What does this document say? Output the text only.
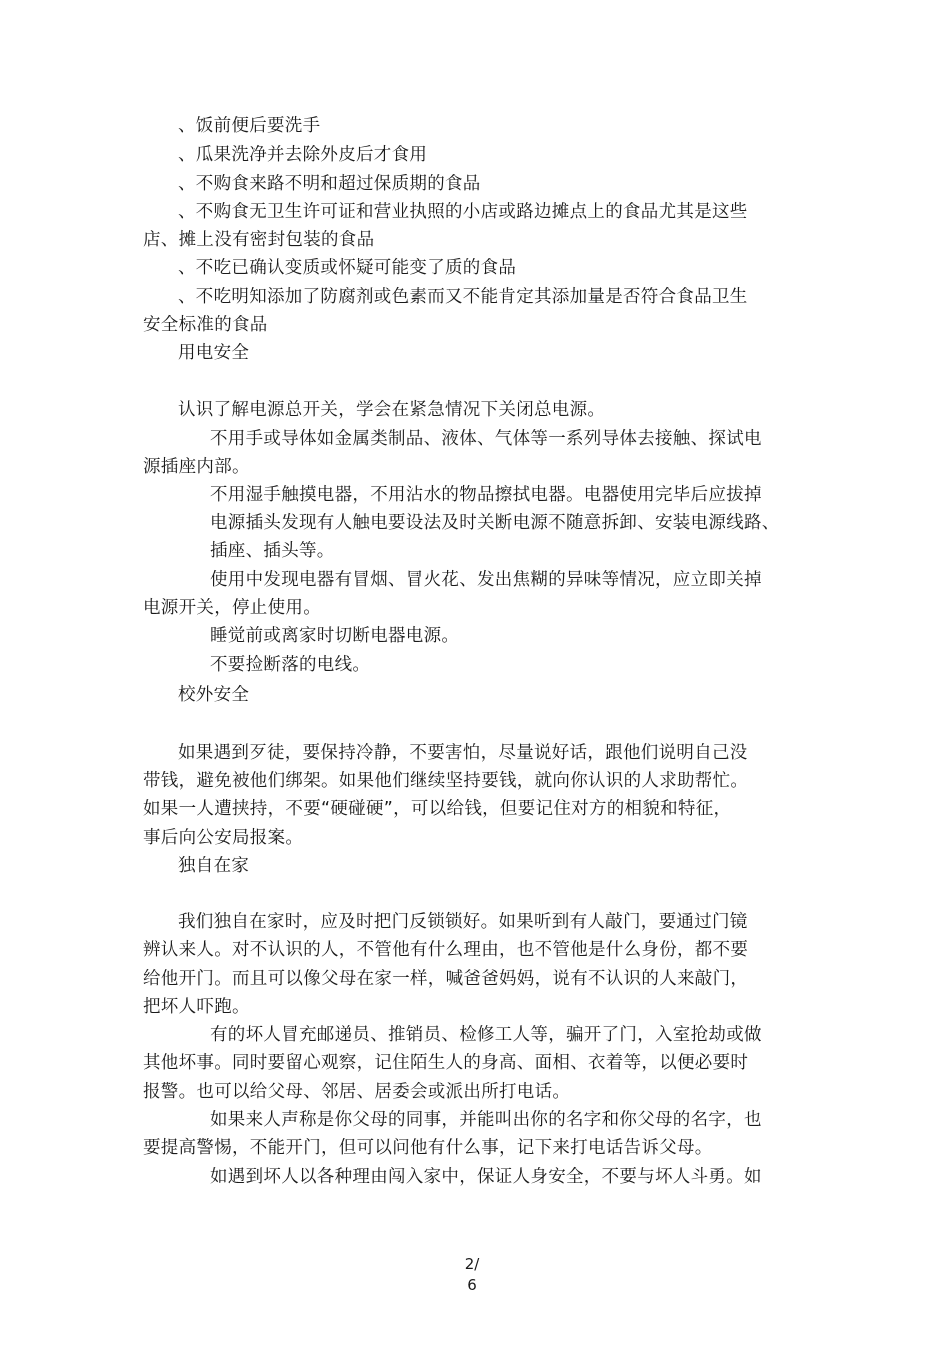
、饭前便后要洗手
、瓜果洗净并去除外皮后才食用
、不购食来路不明和超过保质期的食品
、不购食无卫生许可证和营业执照的小店或路边摊点上的食品尤其是这些
店、摊上没有密封包装的食品
、不吃已确认变质或怀疑可能变了质的食品
、不吃明知添加了防腐剂或色素而又不能肯定其添加量是否符合食品卫生
安全标准的食品
用电安全
认识了解电源总开关，学会在紧急情况下关闭总电源。
不用手或导体如金属类制品、液体、气体等一系列导体去接触、探试电
源插座内部。
不用湿手触摸电器，不用沾水的物品擦拭电器。电器使用完毕后应拔掉
电源插头发现有人触电要设法及时关断电源不随意拆卸、安装电源线路、
插座、插头等。
使用中发现电器有冒烟、冒火花、发出焦糊的异味等情况，应立即关掉
电源开关，停止使用。
睡觉前或离家时切断电器电源。
不要捡断落的电线。
校外安全
如果遇到歹徒，要保持冷静，不要害怕，尽量说好话，跟他们说明自己没
带钱，避免被他们绑架。如果他们继续坚持要钱，就向你认识的人求助帮忙。
如果一人遭挟持，不要“硬碰硬”，可以给钱，但要记住对方的相貌和特征，
事后向公安局报案。
独自在家
我们独自在家时，应及时把门反锁锁好。如果听到有人敲门，要通过门镜
辨认来人。对不认识的人，不管他有什么理由，也不管他是什么身份，都不要
给他开门。而且可以像父母在家一样，喊爸爸妈妈，说有不认识的人来敲门，
把坏人吓跑。
有的坏人冒充邮递员、推销员、检修工人等，骗开了门，入室抢劫或做
其他坏事。同时要留心观察，记住陌生人的身高、面相、衣着等，以便必要时
报警。也可以给父母、邻居、居委会或派出所打电话。
如果来人声称是你父母的同事，并能叫出你的名字和你父母的名字，也
要提高警惕，不能开门，但可以问他有什么事，记下来打电话告诉父母。
如遇到坏人以各种理由闯入家中，保证人身安全，不要与坏人斗勇。如
2/
6
